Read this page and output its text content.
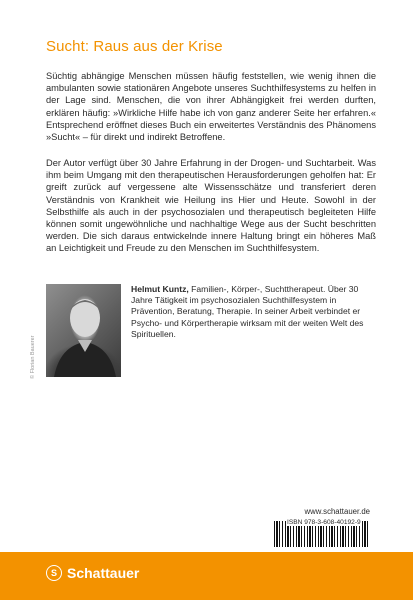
Sucht: Raus aus der Krise

Süchtig abhängige Menschen müssen häufig feststellen, wie wenig ihnen die ambulanten sowie stationären Angebote unseres Suchthilfesystems zu helfen in der Lage sind. Menschen, die von ihrer Abhängigkeit frei werden durften, erklären häufig: »Wirkliche Hilfe habe ich von ganz anderer Seite her erfahren.« Entsprechend eröffnet dieses Buch ein erweitertes Verständnis des Phänomens »Sucht« – für direkt und indirekt Betroffene.

Der Autor verfügt über 30 Jahre Erfahrung in der Drogen- und Suchtarbeit. Was ihm beim Umgang mit den therapeutischen Herausforderungen geholfen hat: Er greift zurück auf vergessene alte Wissensschätze und transferiert deren Verständnis von Krankheit wie Heilung ins Hier und Heute. Sowohl in der Selbsthilfe als auch in der psychosozialen und therapeutisch begleiteten Hilfe können somit ungewöhnliche und nachhaltige Wege aus der Sucht beschritten werden. Die sich daraus entwickelnde innere Haltung bringt ein höheres Maß an Leichtigkeit und Freude zu den Menschen im Suchthilfesystem.

© Florian Bauerer

Helmut Kuntz, Familien-, Körper-, Suchttherapeut. Über 30 Jahre Tätigkeit im psychosozialen Suchthilfesystem in Prävention, Beratung, Therapie. In seiner Arbeit verbindet er Psycho- und Körpertherapie wirksam mit der weiten Welt des Spirituellen.

www.schattauer.de
ISBN 978-3-608-40192-9
S Schattauer
